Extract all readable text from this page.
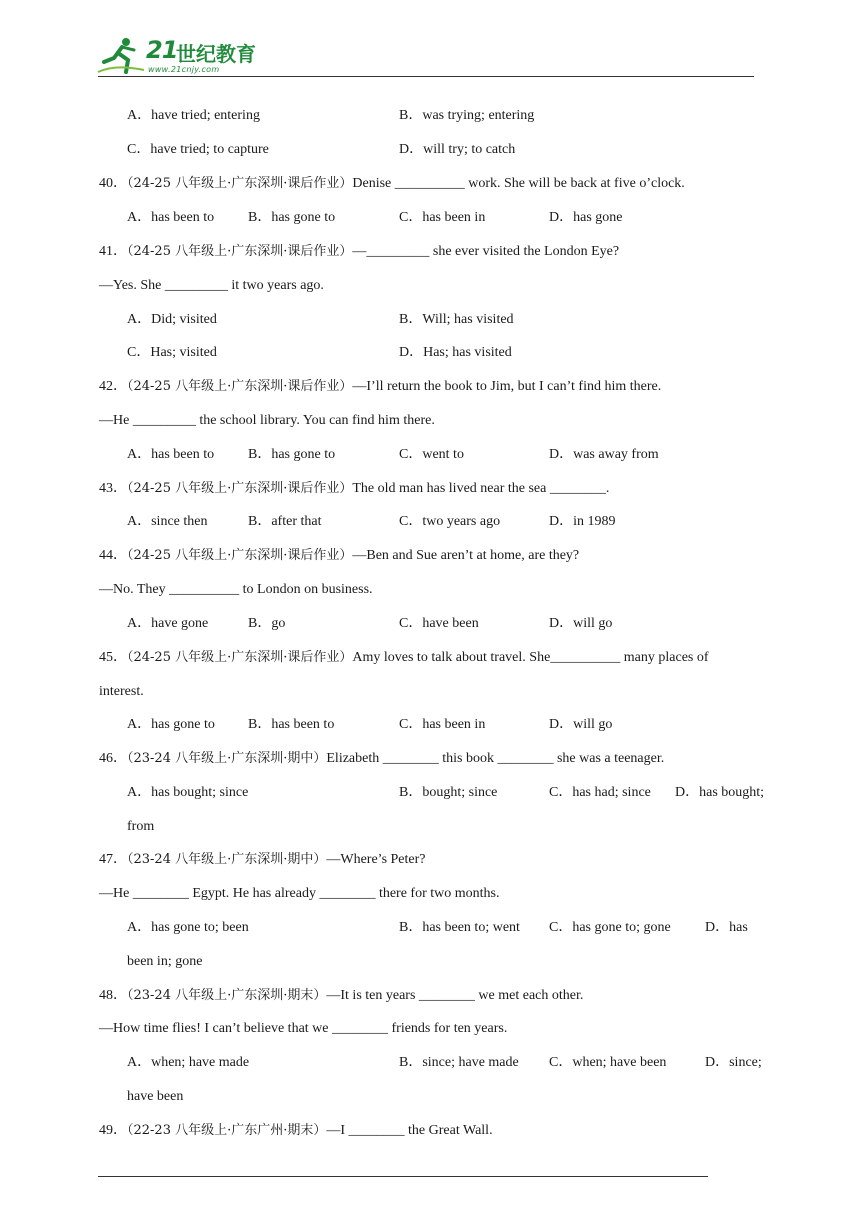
21
世纪教育
www.21cnjy.com
A．have tried; entering	B．was trying; entering
C．have tried; to capture	D．will try; to catch
40．（24-25 八年级上·广东深圳·课后作业）Denise __________ work. She will be back at five o’clock.
A．has been to B．has gone to	C．has been in	D．has gone
41．（24-25 八年级上·广东深圳·课后作业）—_________ she ever visited the London Eye?
—Yes. She _________ it two years ago.
A．Did; visited	B．Will; has visited
C．Has; visited	D．Has; has visited
42．（24-25 八年级上·广东深圳·课后作业）—I’ll return the book to Jim, but I can’t find him there.
—He _________ the school library. You can find him there.
A．has been to B．has gone to	C．went to	D．was away from
43．（24-25 八年级上·广东深圳·课后作业）The old man has lived near the sea ________.
A．since then	B．after that	C．two years ago	D．in 1989
44．（24-25 八年级上·广东深圳·课后作业）—Ben and Sue aren’t at home, are they?
—No. They __________ to London on business.
A．have gone	B．go	C．have been	D．will go
45．（24-25 八年级上·广东深圳·课后作业）Amy loves to talk about travel. She__________ many places of
interest.
A．has gone to B．has been to	C．has been in	D．will go
46．（23-24 八年级上·广东深圳·期中）Elizabeth ________ this book ________ she was a teenager.
A．has bought; since	B．bought; since	C．has had; since D．has bought;
from
47．（23-24 八年级上·广东深圳·期中）—Where’s Peter?
—He ________ Egypt. He has already ________ there for two months.
A．has gone to; been	B．has been to; went C．has gone to; gone D．has
been in; gone
48．（23-24 八年级上·广东深圳·期末）—It is ten years ________ we met each other.
—How time flies! I can’t believe that we ________ friends for ten years.
A．when; have made	B．since; have made C．when; have been	D．since;
have been
49．（22-23 八年级上·广东广州·期末）—I ________ the Great Wall.
